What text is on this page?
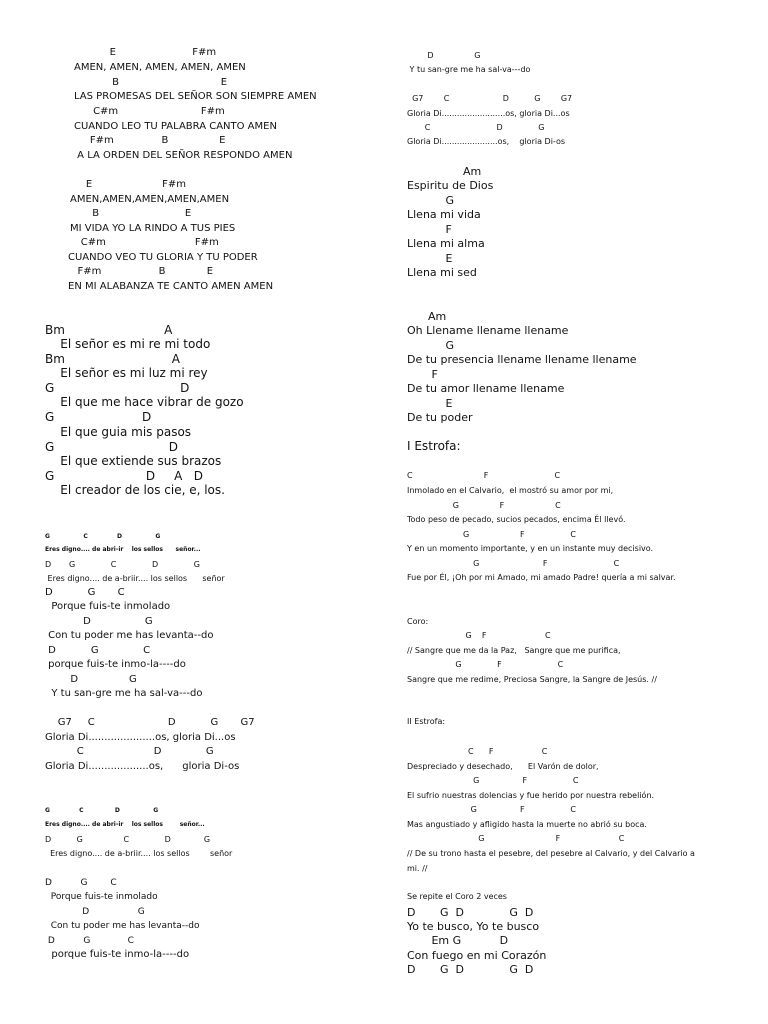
E                        F#m
AMEN, AMEN, AMEN, AMEN, AMEN
B                                E
LAS PROMESAS DEL SEÑOR SON SIEMPRE AMEN
C#m                          F#m
CUANDO LEO TU PALABRA CANTO AMEN
F#m               B                E
A LA ORDEN DEL SEÑOR RESPONDO AMEN
E                      F#m
AMEN,AMEN,AMEN,AMEN,AMEN
B                           E
MI VIDA YO LA RINDO A TUS PIES
C#m                            F#m
CUANDO VEO TU GLORIA Y TU PODER
F#m                  B             E
EN MI ALABANZA TE CANTO AMEN AMEN
Bm                          A
El señor es mi re mi todo
Bm                            A
El señor es mi luz mi rey
G                                 D
El que me hace vibrar de gozo
G                       D
El que guia mis pasos
G                              D
El que extiende sus brazos
G                        D     A   D
El creador de los cie, e, los.
G                C              D                G
Eres digno.... de abri-ir    los sellos      señor...
D       G              C              D              G
Eres digno.... de a-briir.... los sellos      señor
D           G       C
Porque fuis-te inmolado
D                 G
Con tu poder me has levanta--do
D           G              C
porque fuis-te inmo-la----do
D                G
Y tu san-gre me ha sal-va---do
G7     C                       D           G       G7
Gloria Di.....................os, gloria Di...os
C                      D              G
Gloria Di...................os,      gloria Di-os
G              C               D                G
Eres digno.... de abri-ir    los sellos        señor...
D          G                C              D             G
Eres digno.... de a-briir.... los sellos        señor
D          G        C
Porque fuis-te inmolado
D                 G
Con tu poder me has levanta--do
D          G             C
porque fuis-te inmo-la----do
D                G
Y tu san-gre me ha sal-va---do
G7        C                     D          G        G7
Gloria Di.........................os, gloria Di...os
C                          D              G
Gloria Di......................os,    gloria Di-os
Am
Espiritu de Dios
G
Llena mi vida
F
Llena mi alma
E
Llena mi sed
Am
Oh Llename llename llename
G
De tu presencia llename llename llename
F
De tu amor llename llename
E
De tu poder
I Estrofa:
C                            F                          C
Inmolado en el Calvario,  el mostró su amor por mi,
G                F                    C
Todo peso de pecado, sucios pecados, encima Él llevó.
G                    F                  C
Y en un momento importante, y en un instante muy decisivo.
G                         F                          C
Fue por Él, ¡Oh por mi Amado, mi amado Padre! quería a mi salvar.
Coro:
G    F                       C
// Sangre que me da la Paz,   Sangre que me purifica,
G              F                      C
Sangre que me redime, Preciosa Sangre, la Sangre de Jesús. //
II Estrofa:
C      F                   C
Despreciado y desechado,      El Varón de dolor,
G                 F                  C
El sufrio nuestras dolencias y fue herido por nuestra rebelión.
G                 F                  C
Mas angustiado y afligido hasta la muerte no abrió su boca.
G                            F                       C
// De su trono hasta el pesebre, del pesebre al Calvario, y del Calvario a
mi. //
Se repite el Coro 2 veces
D       G  D             G  D
Yo te busco, Yo te busco
Em G           D
Con fuego en mi Corazón
D       G  D             G  D
